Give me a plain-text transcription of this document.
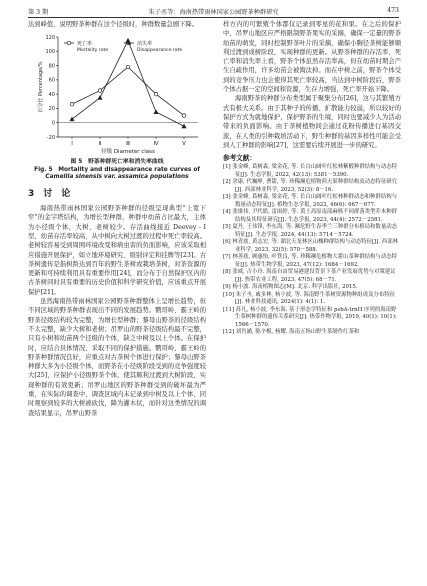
第 3 期	朱子丞等：海南热带雨林国家公园野茶种群研究	473

达到峰值，说明野茶种群在这个径级时，种群数量急剧下降。

-20
0
20
40
60
80
100
120
Ⅰ	Ⅱ	Ⅲ	Ⅳ	Ⅴ
百分比 Percentage/%
径级 Diameter class
死亡率
Mortality rate
消失率
Disappearance rate
图 5　野茶种群死亡率和消失率曲线
Fig. 5　Mortality and disappearance rate curves of
Camellia sinensis var. assamica populations
3　讨　论

海南热带雨林国家公园野茶种群的径级呈现典型“上宽下窄”的金字塔结构，为增长型种群，种群中幼苗占比最大，主体为小径级个体，大树、老树较少。存活曲线接近 Deevey - Ⅰ型，幼苗存活率较高，从中树向大树过渡的过程中死亡率较高。老树较容易受到周围环境改变和病虫害的负面影响，应该采取相应措施开展保护，如立地环境研究、级别评定和挂牌等[23]。古茶树遗传是指树龄达到百年的野生茶树或栽培茶树，对茶资源的更新和可持续利用具有重要作用[24]，而分布于自然保护区内的古茶树同时具有重要的历史价值和科学研究价值，应该重点开展保护[21]。

虽然海南热带雨林国家公园野茶种群整体上呈增长趋势，但不同区域的野茶种群表现出不同的发展趋势。鹦哥岭、霸王岭的野茶径级结构较为完整，为增长型种群；黎母山野茶的径级结构不太完整，缺少大树和老树；吊罗山的野茶径级结构最不完整，只有小树和幼苗两个径级的个体，缺乏中树及以上个体。在保护时，应结合具体情况，采取不同的保护措施。鹦哥岭、霸王岭的野茶种群情况良好，应重点对古茶树个体进行保护；黎母山野茶种群大多为小径级个体，而野茶在小径级阶段受到的竞争强度较大[25]，应保护小径级野茶个体，使其顺利过渡到大树阶段，实现种群的有效更新；吊罗山地区的野茶种群受到的破坏最为严重，在实际的调查中，调查区域内未记录到中树及以上个体，同时观察到较多的大树被砍伐，降为灌木状，而针对这类情况的调查结果显示，吊罗山野茶

样方内的可繁殖个体都仅记录到零星的花和果。在之后的保护中，吊罗山地区应严格限制野茶果实的采摘，确保一定量的野茶幼苗的萌发，同时控制野茶叶片的采摘，确保小胸径茶树能够顺利过渡到成树阶段，实现种群的更新。从野茶种群的存活率、死亡率和消失率上看，野茶个体虽然存活率高，但在幼苗时期会产生自疏作用，许多幼苗会被淘汰掉。而在中树之前，野茶个体受到的竞争压力也会使得其死亡率较高，当达到中树阶段后，野茶个体占据一定的空间和资源，生存力增强，死亡率开始下降。

海南野茶的种群分布类型属于聚集分布[26]，这与其繁殖方式有极大关系。由于其种子的传播、扩散能力较弱，所以较好的保护方式为就地保护，保护野茶的生境，同时也要减少人为活动带来的负面影响。由于茶树植物间会通过花粉传播进行基因交流，在人类的引种栽培活动下，野生种群的基因多样性可能会受到人工种群的影响[27]，这需要后续开展进一步的研究。

参考文献：

[1] 张金峰, 葛树森, 梁金花, 等. 长白山阔叶红松林紫椴种群结构与动态特征[J]. 生态学报, 2022, 42(13): 5381－5390.

[2] 余康, 代巍峥, 曹甜, 等. 珍稀濒危植物茴天果种群结构及动态特征研究[J]. 西部林业科学, 2023, 52(3): 8－16.

[3] 张金峰, 葛树森, 梁金花, 等. 长白山阔叶红松林种群动态和种群结构与数量动态特征[J]. 植物生态学报, 2022, 46(6): 667－677.

[4] 张维伟, 尹代皓, 雷雨婷, 等. 黄土高原南部麻栎不同群落类型乔木种群结构及其特征研究[J]. 生态学报, 2023, 44(4): 2572－2581.

[5] 夏丹, 王伟锋, 李东海, 等. 濒危野生春季兰三种群分布格局和数量动态特征[J]. 生态学报, 2024, 44(13): 5714－5724.

[6] 林青慈, 黄志宏, 等. 湖北天龙林区山槐种群结构与动态特征[J]. 西部林业科学, 2023, 32(5): 570－588.

[7] 林善慈, 顾惠怡, 叶铁良, 等. 珍稀濒危植物大藿山茶种群结构与动态特征[J]. 热带生物学报, 2023, 47(12): 1684－1692.

[8] 张威, 古小玲. 海南自由贸易港建设背景下茶产业发展优势与对策建议[J]. 热带农业工程, 2023, 47(5): 68－71.

[9] 杨小波. 海南植物图志[M]. 北京: 科学出版社, 2015.

[10] 朱子丞, 戚多林, 杨小波, 等. 海南野生茶树资源物种组成及分布特征[J]. 林业科技通讯, 2024(1): 4(1): 1.

[11] 苏凡, 杨小波, 李东海. 基于形态学特征和 psbA-trnH 序列的海南野生茶树种群的遗传关系研究[J]. 热带作物学报, 2019, 40(1): 10(1): 1566－1570.

[12] 刘肖涵, 陈辛梅, 杨耀. 海南五指山野生茶制作红茶和
